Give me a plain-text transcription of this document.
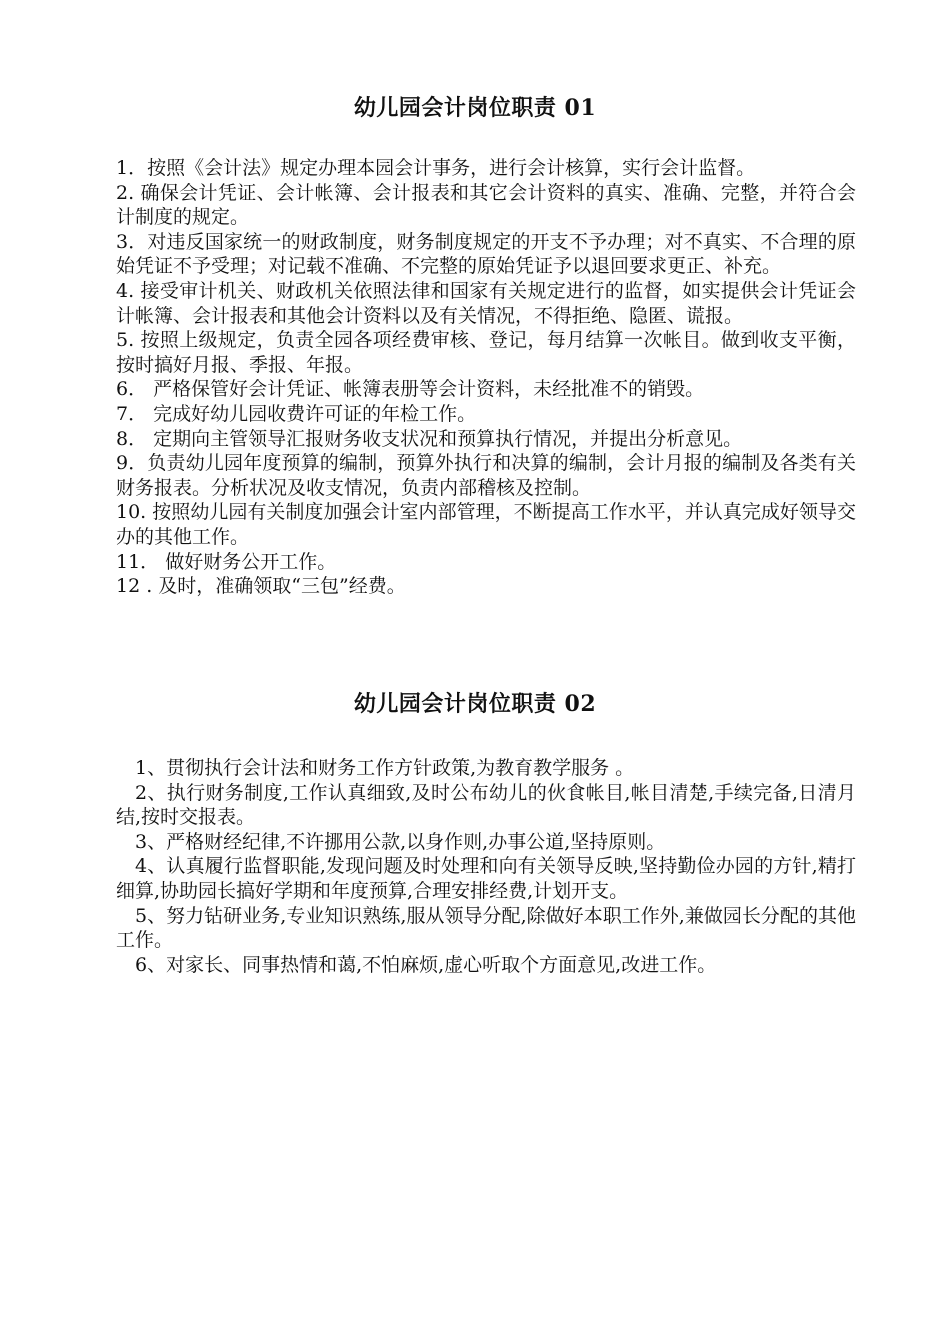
幼儿园会计岗位职责 01

1．按照《会计法》规定办理本园会计事务，进行会计核算，实行会计监督。

2. 确保会计凭证、会计帐簿、会计报表和其它会计资料的真实、准确、完整，并符合会计制度的规定。

3．对违反国家统一的财政制度，财务制度规定的开支不予办理；对不真实、不合理的原始凭证不予受理；对记载不准确、不完整的原始凭证予以退回要求更正、补充。

4. 接受审计机关、财政机关依照法律和国家有关规定进行的监督，如实提供会计凭证会计帐簿、会计报表和其他会计资料以及有关情况，不得拒绝、隐匿、谎报。

5. 按照上级规定，负责全园各项经费审核、登记，每月结算一次帐目。做到收支平衡，按时搞好月报、季报、年报。

6． 严格保管好会计凭证、帐簿表册等会计资料，未经批准不的销毁。

7． 完成好幼儿园收费许可证的年检工作。

8． 定期向主管领导汇报财务收支状况和预算执行情况，并提出分析意见。

9．负责幼儿园年度预算的编制，预算外执行和决算的编制，会计月报的编制及各类有关财务报表。分析状况及收支情况，负责内部稽核及控制。

10. 按照幼儿园有关制度加强会计室内部管理，不断提高工作水平，并认真完成好领导交办的其他工作。

11． 做好财务公开工作。

12 . 及时，准确领取“三包”经费。

幼儿园会计岗位职责 02

1、贯彻执行会计法和财务工作方针政策,为教育教学服务 。

2、执行财务制度,工作认真细致,及时公布幼儿的伙食帐目,帐目清楚,手续完备,日清月结,按时交报表。

3、严格财经纪律,不许挪用公款,以身作则,办事公道,坚持原则。

4、认真履行监督职能,发现问题及时处理和向有关领导反映,坚持勤俭办园的方针,精打细算,协助园长搞好学期和年度预算,合理安排经费,计划开支。

5、努力钻研业务,专业知识熟练,服从领导分配,除做好本职工作外,兼做园长分配的其他工作。

6、对家长、同事热情和蔼,不怕麻烦,虚心听取个方面意见,改进工作。
